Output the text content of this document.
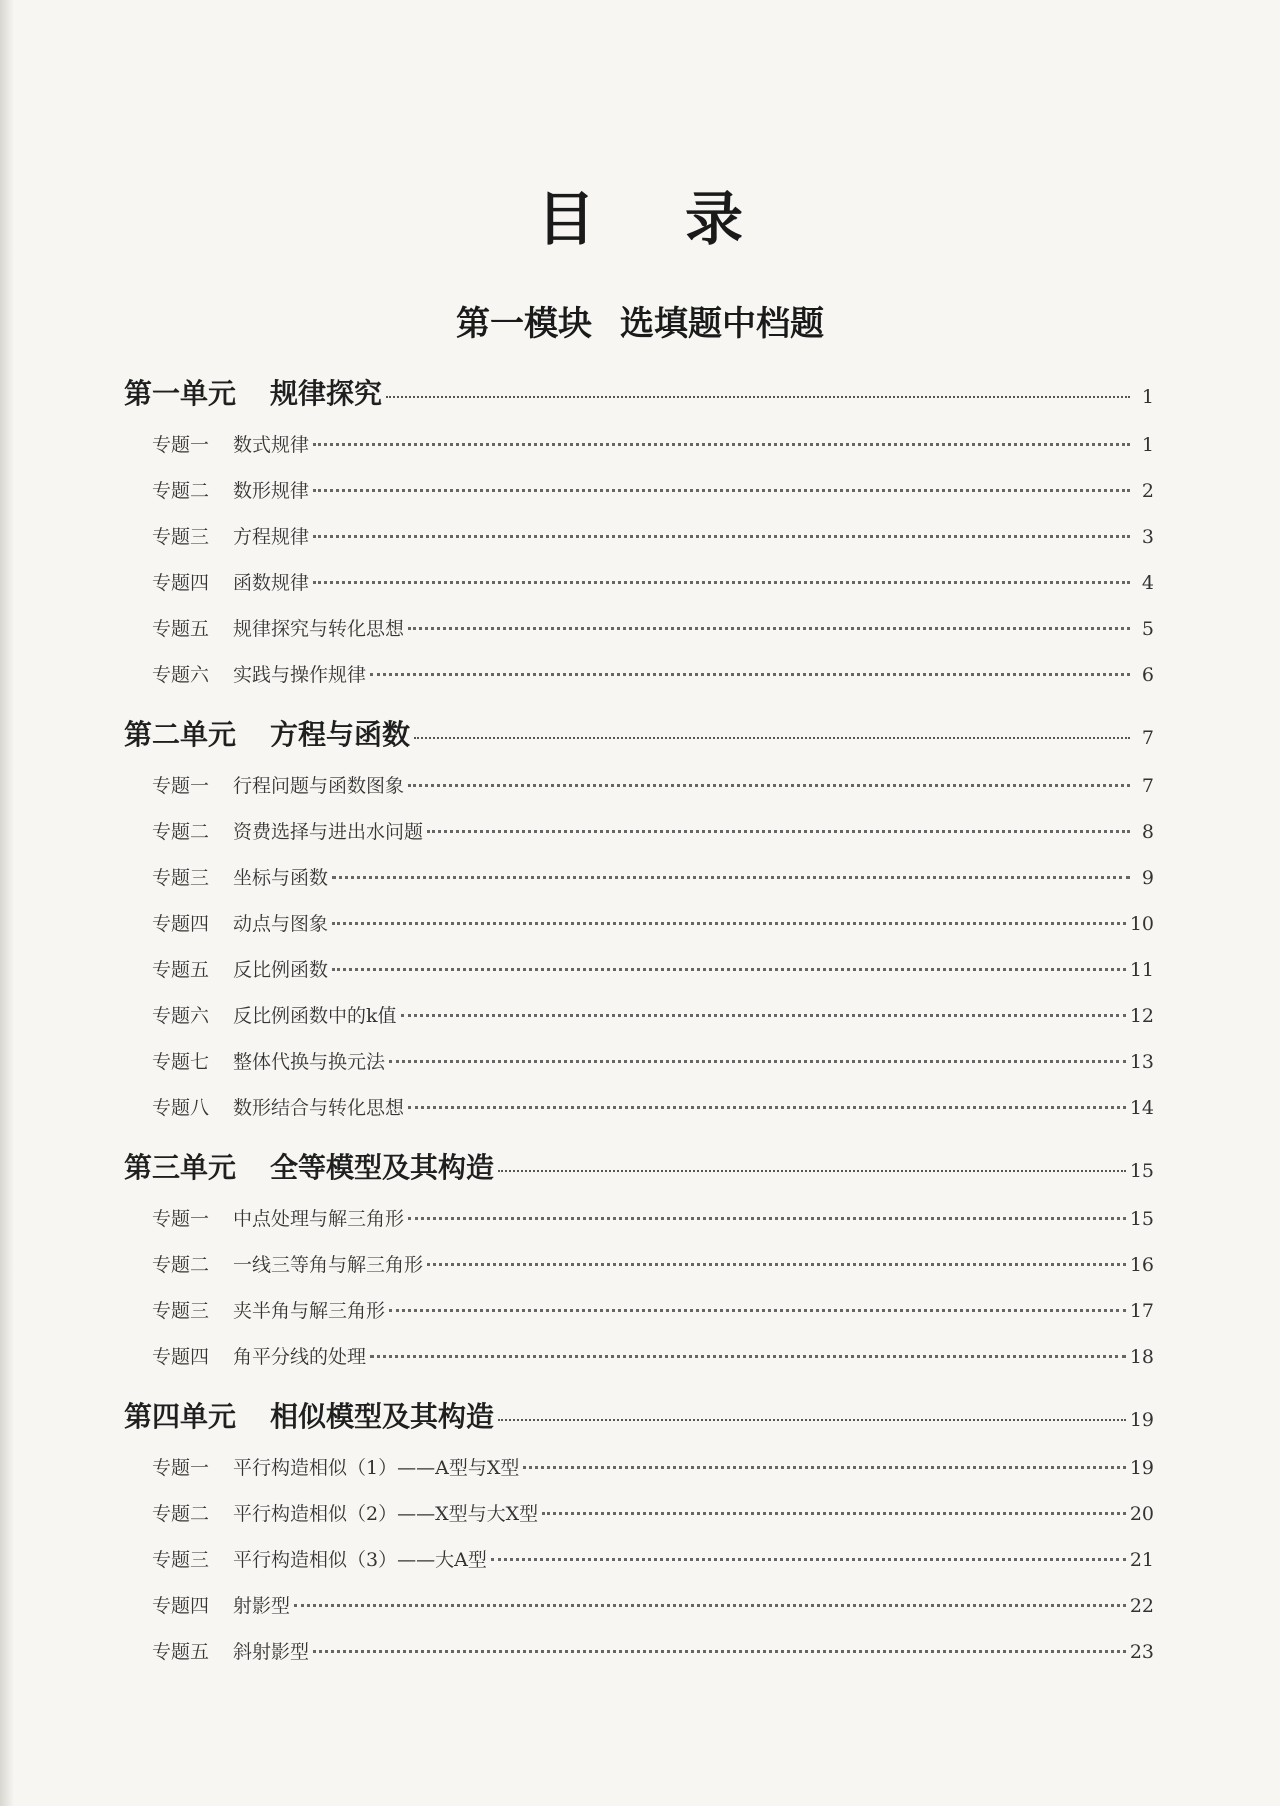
目录
第一模块 选填题中档题
第一单元 规律探究	1
专题一 数式规律	1
专题二 数形规律	2
专题三 方程规律	3
专题四 函数规律	4
专题五 规律探究与转化思想	5
专题六 实践与操作规律	6
第二单元 方程与函数	7
专题一 行程问题与函数图象	7
专题二 资费选择与进出水问题	8
专题三 坐标与函数	9
专题四 动点与图象	10
专题五 反比例函数	11
专题六 反比例函数中的k值	12
专题七 整体代换与换元法	13
专题八 数形结合与转化思想	14
第三单元 全等模型及其构造	15
专题一 中点处理与解三角形	15
专题二 一线三等角与解三角形	16
专题三 夹半角与解三角形	17
专题四 角平分线的处理	18
第四单元 相似模型及其构造	19
专题一 平行构造相似（1）——A型与X型	19
专题二 平行构造相似（2）——X型与大X型	20
专题三 平行构造相似（3）——大A型	21
专题四 射影型	22
专题五 斜射影型	23
